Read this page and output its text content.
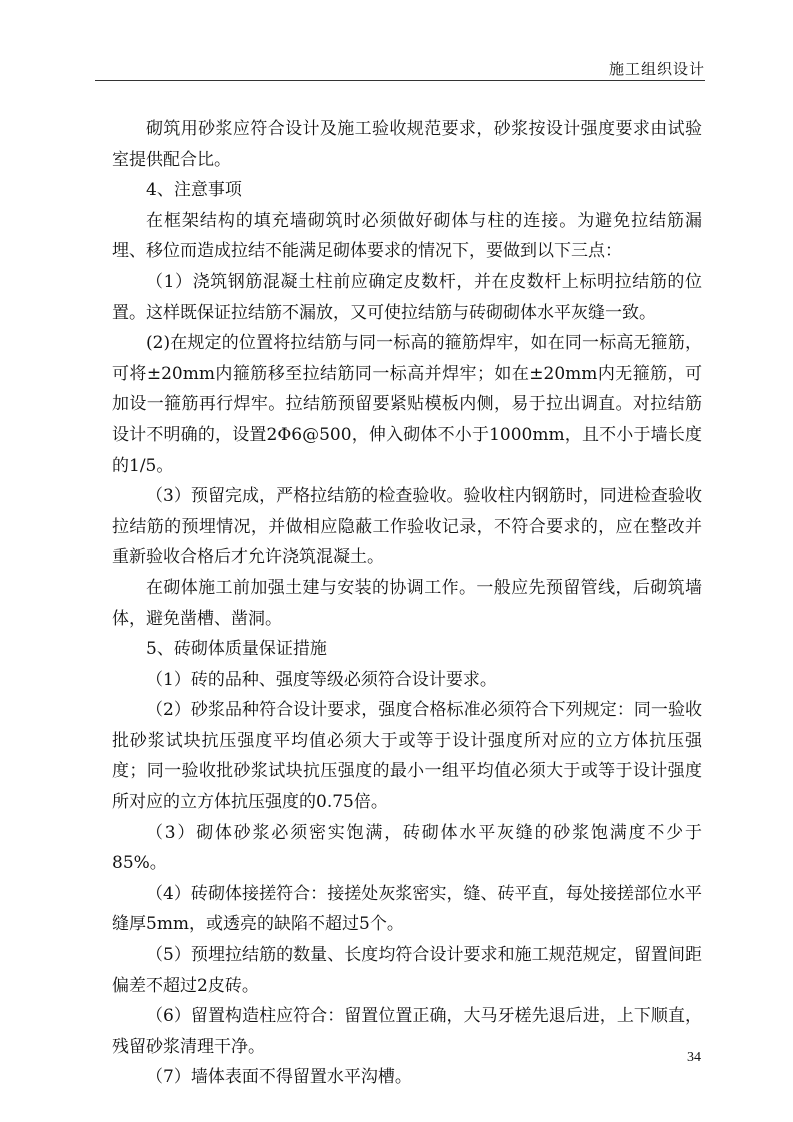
施工组织设计

砌筑用砂浆应符合设计及施工验收规范要求，砂浆按设计强度要求由试验室提供配合比。

4、注意事项

在框架结构的填充墙砌筑时必须做好砌体与柱的连接。为避免拉结筋漏埋、移位而造成拉结不能满足砌体要求的情况下，要做到以下三点：

（1）浇筑钢筋混凝土柱前应确定皮数杆，并在皮数杆上标明拉结筋的位置。这样既保证拉结筋不漏放，又可使拉结筋与砖砌砌体水平灰缝一致。

(2)在规定的位置将拉结筋与同一标高的箍筋焊牢，如在同一标高无箍筋，可将±20mm内箍筋移至拉结筋同一标高并焊牢；如在±20mm内无箍筋，可加设一箍筋再行焊牢。拉结筋预留要紧贴模板内侧，易于拉出调直。对拉结筋设计不明确的，设置2Φ6@500，伸入砌体不小于1000mm，且不小于墙长度的1/5。

（3）预留完成，严格拉结筋的检查验收。验收柱内钢筋时，同进检查验收拉结筋的预埋情况，并做相应隐蔽工作验收记录，不符合要求的，应在整改并重新验收合格后才允许浇筑混凝土。

在砌体施工前加强土建与安装的协调工作。一般应先预留管线，后砌筑墙体，避免凿槽、凿洞。

5、砖砌体质量保证措施

（1）砖的品种、强度等级必须符合设计要求。

（2）砂浆品种符合设计要求，强度合格标准必须符合下列规定：同一验收批砂浆试块抗压强度平均值必须大于或等于设计强度所对应的立方体抗压强度；同一验收批砂浆试块抗压强度的最小一组平均值必须大于或等于设计强度所对应的立方体抗压强度的0.75倍。

（3）砌体砂浆必须密实饱满，砖砌体水平灰缝的砂浆饱满度不少于85%。

（4）砖砌体接搓符合：接搓处灰浆密实，缝、砖平直，每处接搓部位水平缝厚5mm，或透亮的缺陷不超过5个。

（5）预埋拉结筋的数量、长度均符合设计要求和施工规范规定，留置间距偏差不超过2皮砖。

（6）留置构造柱应符合：留置位置正确，大马牙槎先退后进，上下顺直，残留砂浆清理干净。

（7）墙体表面不得留置水平沟槽。

34
